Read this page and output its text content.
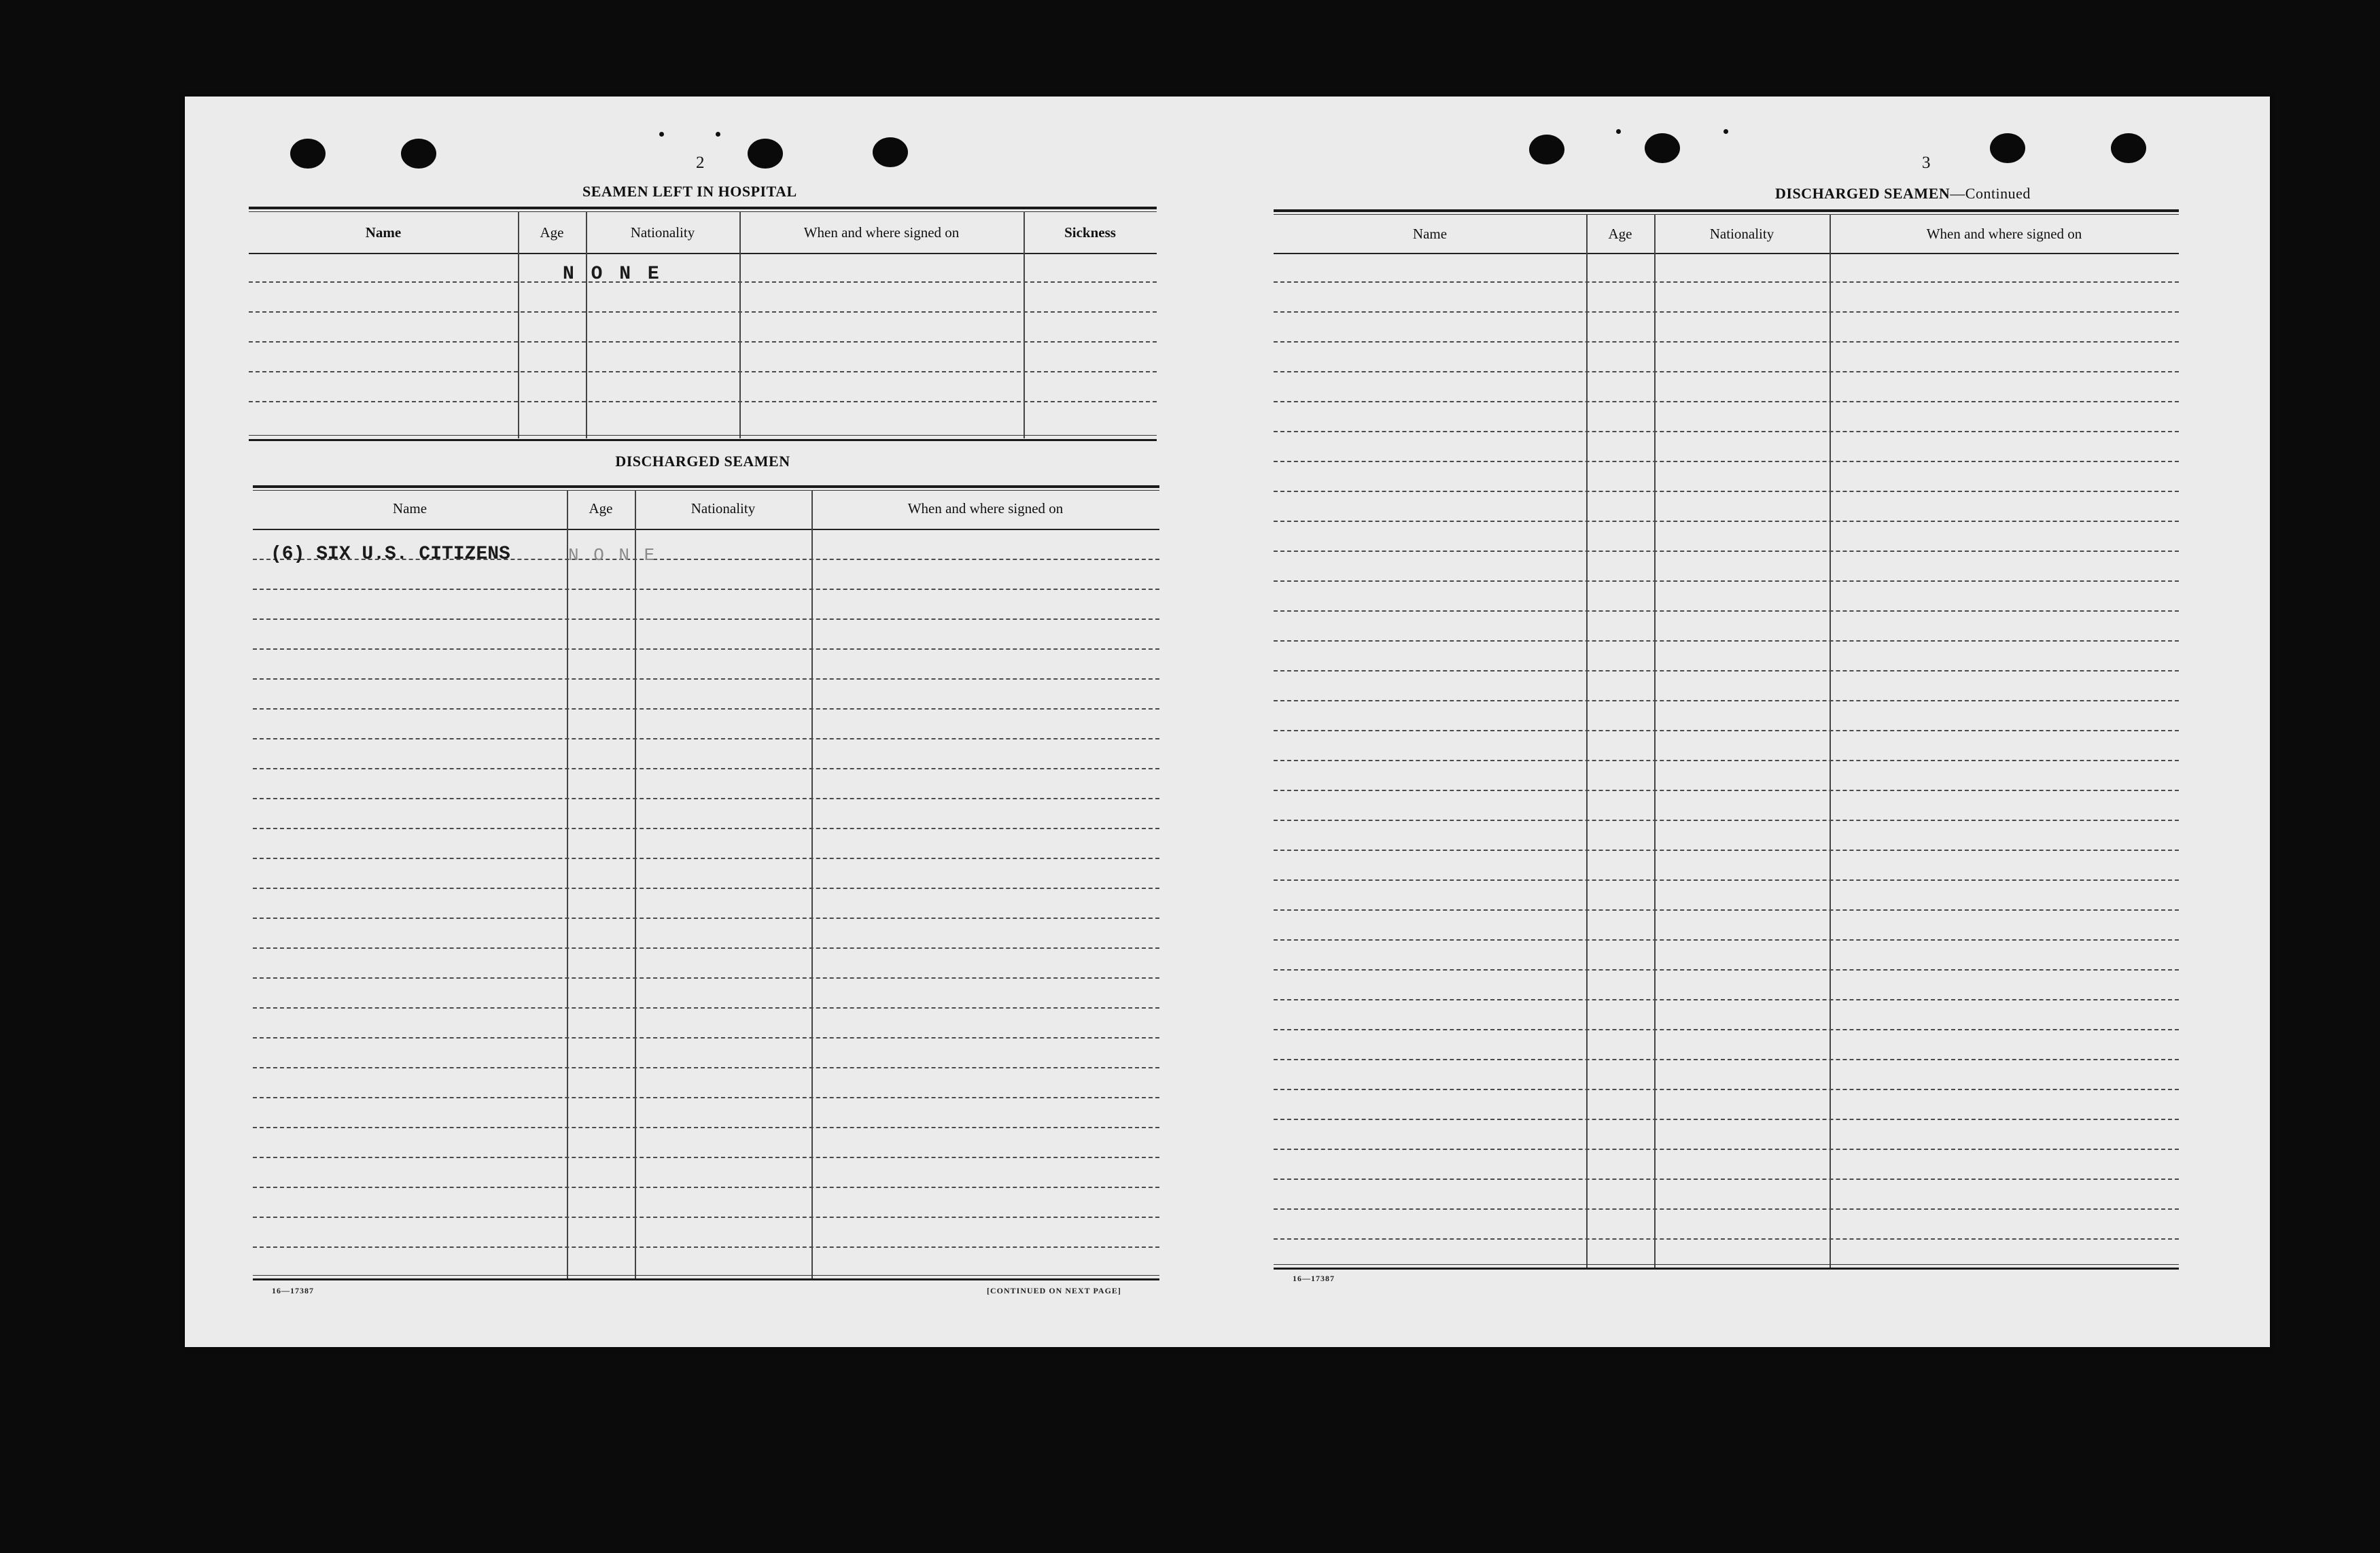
2
SEAMEN LEFT IN HOSPITAL
Name	Age	Nationality	When and where signed on	Sickness
N O N E
DISCHARGED SEAMEN
Name	Age	Nationality	When and where signed on
(6) SIX U.S. CITIZENS	N O N E
16—17387	[CONTINUED ON NEXT PAGE]
3
DISCHARGED SEAMEN—Continued
Name	Age	Nationality	When and where signed on
16—17387
